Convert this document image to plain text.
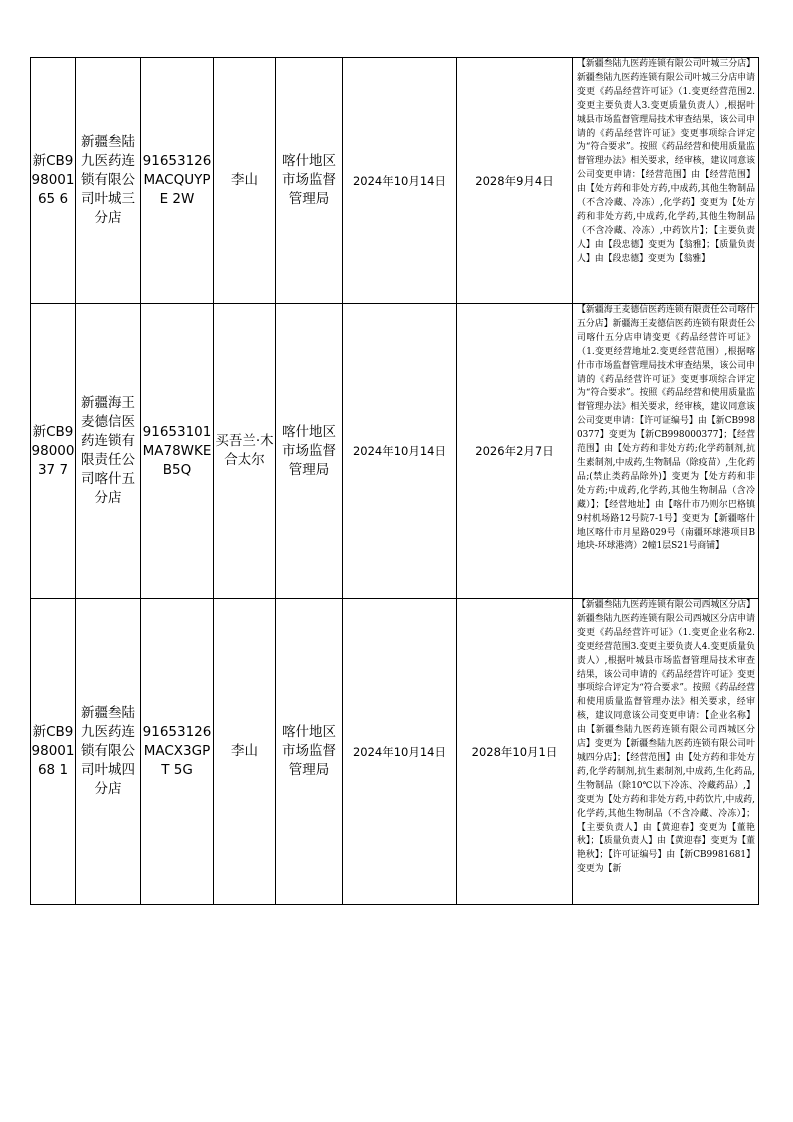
新CB99800165 6	新疆叁陆九医药连锁有限公司叶城三分店	91653126 MACQUYPE 2W	李山	喀什地区市场监督管理局	2024年10月14日	2028年9月4日	【新疆叁陆九医药连锁有限公司叶城三分店】新疆叁陆九医药连锁有限公司叶城三分店申请变更《药品经营许可证》（1.变更经营范围2.变更主要负责人3.变更质量负责人）,根据叶城县市场监督管理局技术审查结果，该公司申请的《药品经营许可证》变更事项综合评定为“符合要求”。按照《药品经营和使用质量监督管理办法》相关要求，经审核，建议同意该公司变更申请：【经营范围】由【经营范围】由【处方药和非处方药,中成药,其他生物制品（不含冷藏、冷冻）,化学药】变更为【处方药和非处方药,中成药,化学药,其他生物制品（不含冷藏、冷冻）,中药饮片】；【主要负责人】由【段忠德】变更为【翁雅】；【质量负责人】由【段忠德】变更为【翁雅】

新CB99800037 7	新疆海王麦德信医药连锁有限责任公司喀什五分店	91653101 MA78WKE B5Q	买吾兰·木合太尔	喀什地区市场监督管理局	2024年10月14日	2026年2月7日	【新疆海王麦德信医药连锁有限责任公司喀什五分店】新疆海王麦德信医药连锁有限责任公司喀什五分店申请变更《药品经营许可证》（1.变更经营地址2.变更经营范围）,根据喀什市市场监督管理局技术审查结果，该公司申请的《药品经营许可证》变更事项综合评定为“符合要求”。按照《药品经营和使用质量监督管理办法》相关要求，经审核，建议同意该公司变更申请：【许可证编号】由【新CB9980377】变更为【新CB998000377】；【经营范围】由【处方药和非处方药;化学药制剂,抗生素制剂,中成药,生物制品（除疫苗）,生化药品;(禁止类药品除外)】变更为【处方药和非处方药;中成药,化学药,其他生物制品（含冷藏）】；【经营地址】由【喀什市乃则尔巴格镇9村机场路12号院7-1号】变更为【新疆喀什地区喀什市月星路029号（南疆环球港项目B地块-环球港湾）2幢1层S21号商铺】

新CB99800168 1	新疆叁陆九医药连锁有限公司叶城四分店	91653126 MACX3GPT 5G	李山	喀什地区市场监督管理局	2024年10月14日	2028年10月1日	【新疆叁陆九医药连锁有限公司西城区分店】新疆叁陆九医药连锁有限公司西城区分店申请变更《药品经营许可证》（1.变更企业名称2.变更经营范围3.变更主要负责人4.变更质量负责人）,根据叶城县市场监督管理局技术审查结果，该公司申请的《药品经营许可证》变更事项综合评定为“符合要求”。按照《药品经营和使用质量监督管理办法》相关要求，经审核，建议同意该公司变更申请：【企业名称】由【新疆叁陆九医药连锁有限公司西城区分店】变更为【新疆叁陆九医药连锁有限公司叶城四分店】；【经营范围】由【处方药和非处方药,化学药制剂,抗生素制剂,中成药,生化药品,生物制品（除10℃以下冷冻、冷藏药品）,】变更为【处方药和非处方药,中药饮片,中成药,化学药,其他生物制品（不含冷藏、冷冻）】；【主要负责人】由【黄迎春】变更为【董艳秋】；【质量负责人】由【黄迎春】变更为【董艳秋】；【许可证编号】由【新CB9981681】变更为【新
